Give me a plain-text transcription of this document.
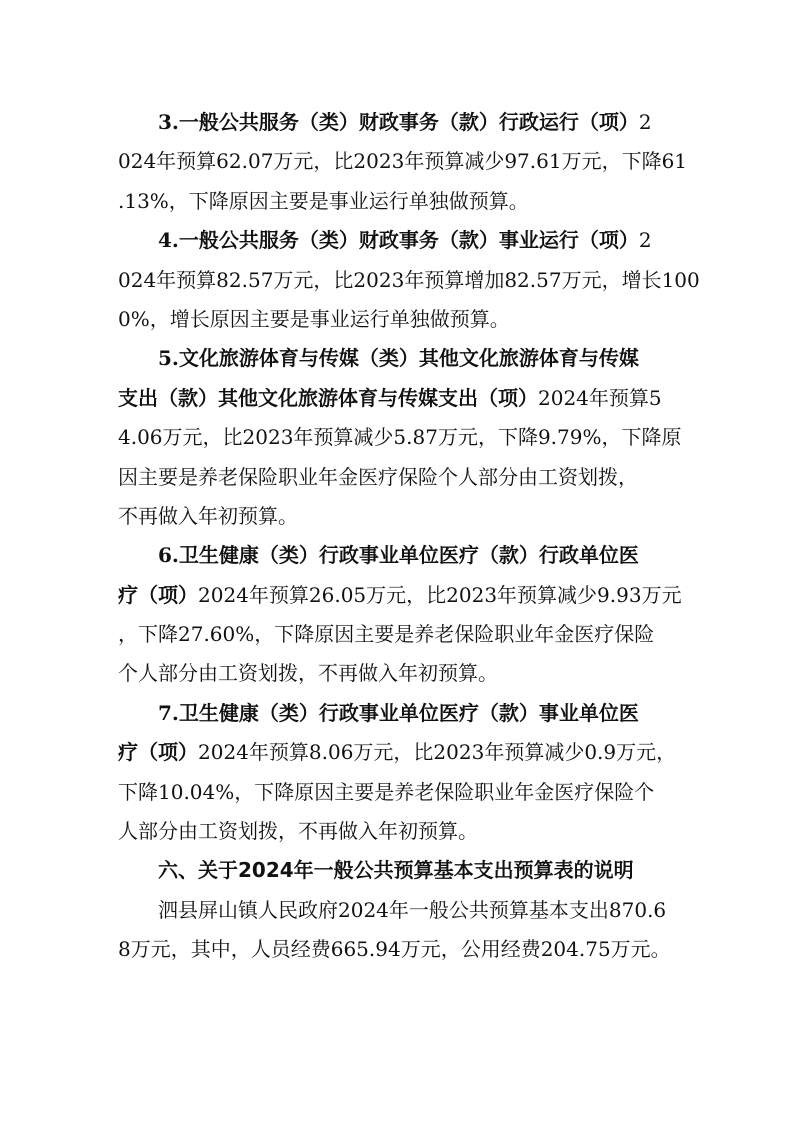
3.一般公共服务（类）财政事务（款）行政运行（项）2
024年预算62.07万元，比2023年预算减少97.61万元，下降61
.13%，下降原因主要是事业运行单独做预算。
4.一般公共服务（类）财政事务（款）事业运行（项）2
024年预算82.57万元，比2023年预算增加82.57万元，增长100
0%，增长原因主要是事业运行单独做预算。
5.文化旅游体育与传媒（类）其他文化旅游体育与传媒
支出（款）其他文化旅游体育与传媒支出（项）2024年预算5
4.06万元，比2023年预算减少5.87万元，下降9.79%，下降原
因主要是养老保险职业年金医疗保险个人部分由工资划拨，
不再做入年初预算。
6.卫生健康（类）行政事业单位医疗（款）行政单位医
疗（项）2024年预算26.05万元，比2023年预算减少9.93万元
，下降27.60%，下降原因主要是养老保险职业年金医疗保险
个人部分由工资划拨，不再做入年初预算。
7.卫生健康（类）行政事业单位医疗（款）事业单位医
疗（项）2024年预算8.06万元，比2023年预算减少0.9万元，
下降10.04%，下降原因主要是养老保险职业年金医疗保险个
人部分由工资划拨，不再做入年初预算。
六、关于2024年一般公共预算基本支出预算表的说明
泗县屏山镇人民政府2024年一般公共预算基本支出870.6
8万元，其中，人员经费665.94万元，公用经费204.75万元。
